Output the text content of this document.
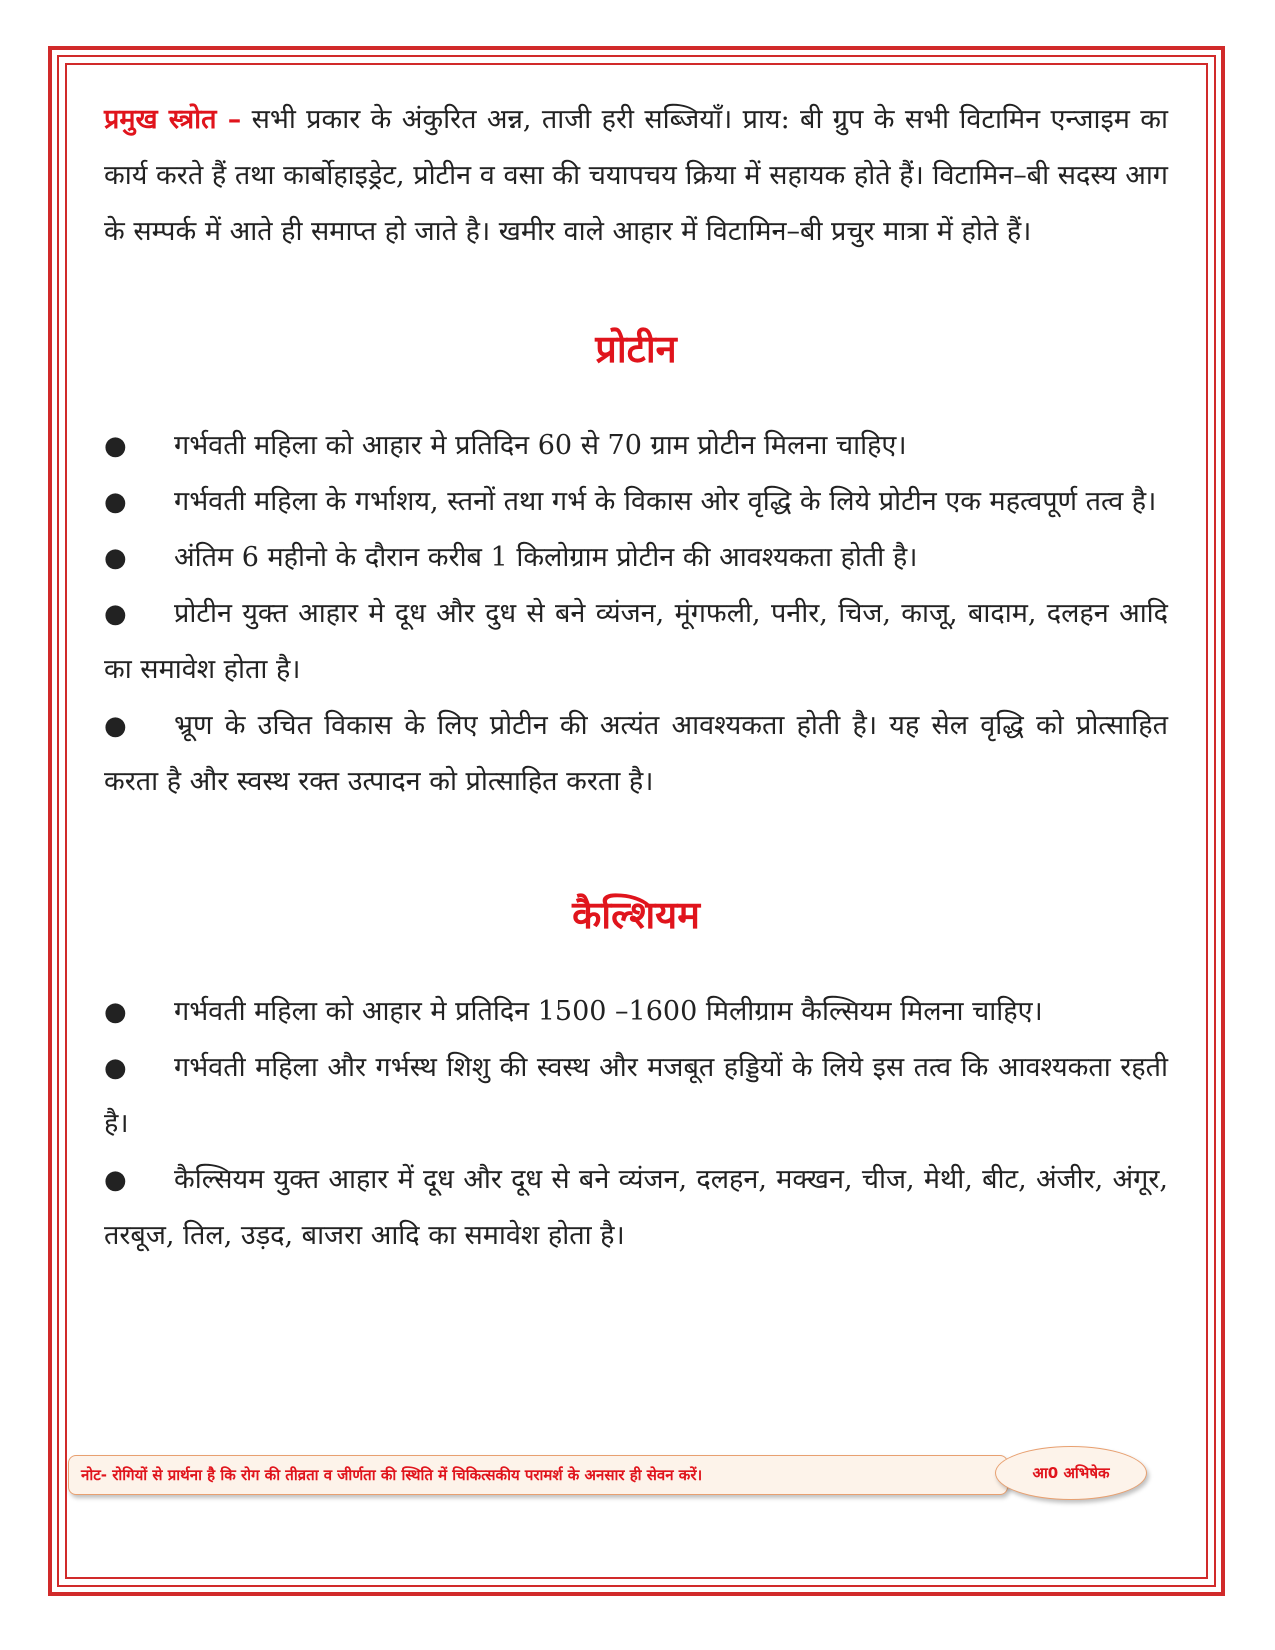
प्रमुख स्त्रोत – सभी प्रकार के अंकुरित अन्न, ताजी हरी सब्जियाँ। प्राय: बी ग्रुप के सभी विटामिन एन्जाइम का कार्य करते हैं तथा कार्बोहाइड्रेट, प्रोटीन व वसा की चयापचय क्रिया में सहायक होते हैं। विटामिन–बी सदस्य आग के सम्पर्क में आते ही समाप्त हो जाते है। खमीर वाले आहार में विटामिन–बी प्रचुर मात्रा में होते हैं।

प्रोटीन

● गर्भवती महिला को आहार मे प्रतिदिन 60 से 70 ग्राम प्रोटीन मिलना चाहिए।

● गर्भवती महिला के गर्भाशय, स्तनों तथा गर्भ के विकास ओर वृद्धि के लिये प्रोटीन एक महत्वपूर्ण तत्व है।

● अंतिम 6 महीनो के दौरान करीब 1 किलोग्राम प्रोटीन की आवश्यकता होती है।

● प्रोटीन युक्त आहार मे दूध और दुध से बने व्यंजन, मूंगफली, पनीर, चिज, काजू, बादाम, दलहन आदि का समावेश होता है।

● भ्रूण के उचित विकास के लिए प्रोटीन की अत्यंत आवश्यकता होती है। यह सेल वृद्धि को प्रोत्साहित करता है और स्वस्थ रक्त उत्पादन को प्रोत्साहित करता है।

कैल्शियम

● गर्भवती महिला को आहार मे प्रतिदिन 1500 –1600 मिलीग्राम कैल्सियम मिलना चाहिए।

● गर्भवती महिला और गर्भस्थ शिशु की स्वस्थ और मजबूत हड्डियों के लिये इस तत्व कि आवश्यकता रहती है।

● कैल्सियम युक्त आहार में दूध और दूध से बने व्यंजन, दलहन, मक्खन, चीज, मेथी, बीट, अंजीर, अंगूर, तरबूज, तिल, उड़द, बाजरा आदि का समावेश होता है।

नोट- रोगियों से प्रार्थना है कि रोग की तीव्रता व जीर्णता की स्थिति में चिकित्सकीय परामर्श के अनसार ही सेवन करें।	आ0 अभिषेक
